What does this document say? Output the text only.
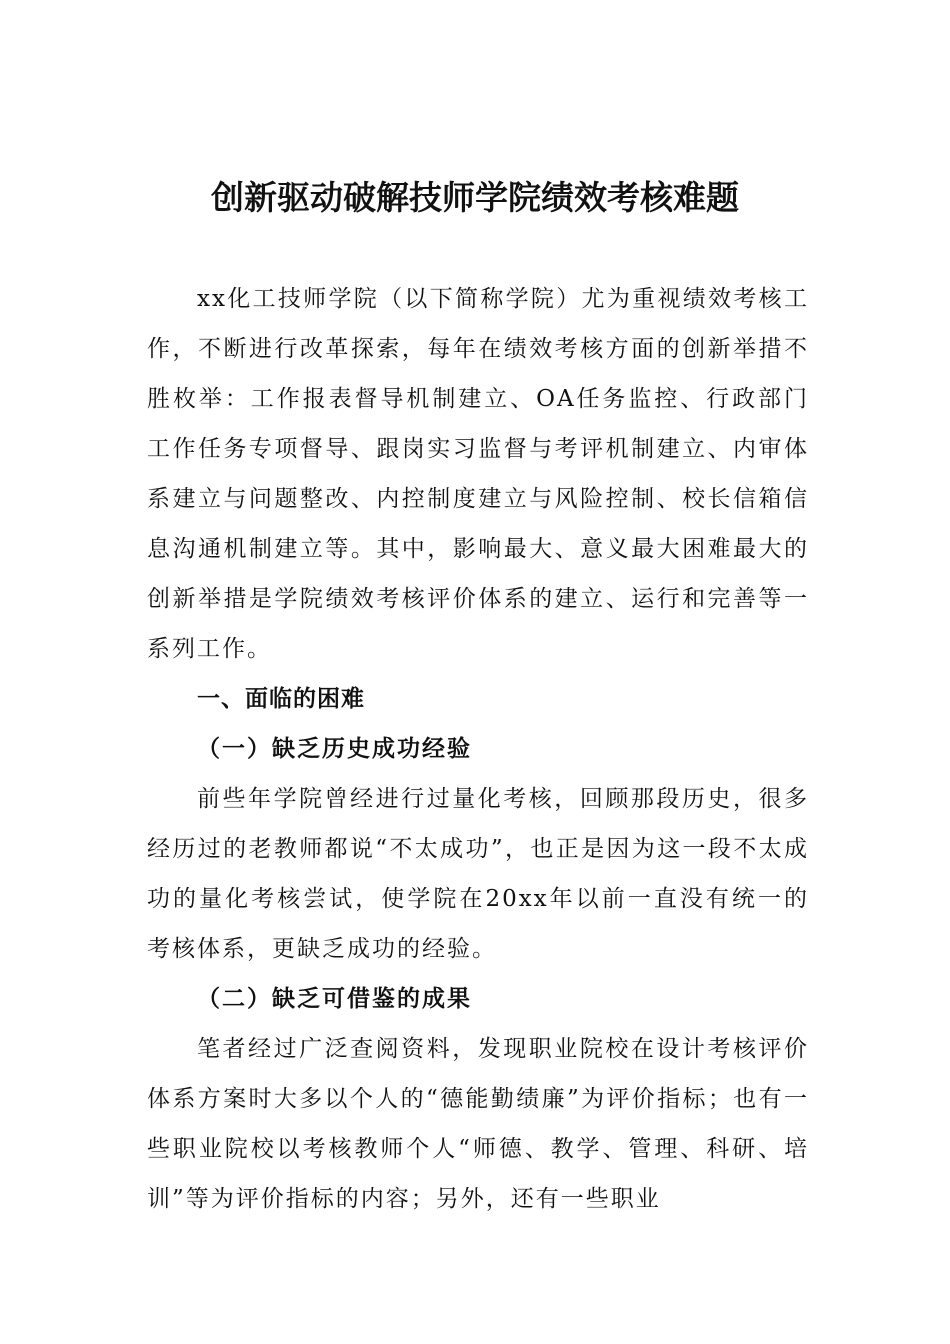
创新驱动破解技师学院绩效考核难题

xx化工技师学院（以下简称学院）尤为重视绩效考核工作，不断进行改革探索，每年在绩效考核方面的创新举措不胜枚举：工作报表督导机制建立、OA任务监控、行政部门工作任务专项督导、跟岗实习监督与考评机制建立、内审体系建立与问题整改、内控制度建立与风险控制、校长信箱信息沟通机制建立等。其中，影响最大、意义最大困难最大的创新举措是学院绩效考核评价体系的建立、运行和完善等一系列工作。

一、面临的困难
（一）缺乏历史成功经验

前些年学院曾经进行过量化考核，回顾那段历史，很多经历过的老教师都说“不太成功”，也正是因为这一段不太成功的量化考核尝试，使学院在20xx年以前一直没有统一的考核体系，更缺乏成功的经验。

（二）缺乏可借鉴的成果

笔者经过广泛查阅资料，发现职业院校在设计考核评价体系方案时大多以个人的“德能勤绩廉”为评价指标；也有一些职业院校以考核教师个人“师德、教学、管理、科研、培训”等为评价指标的内容；另外，还有一些职业
